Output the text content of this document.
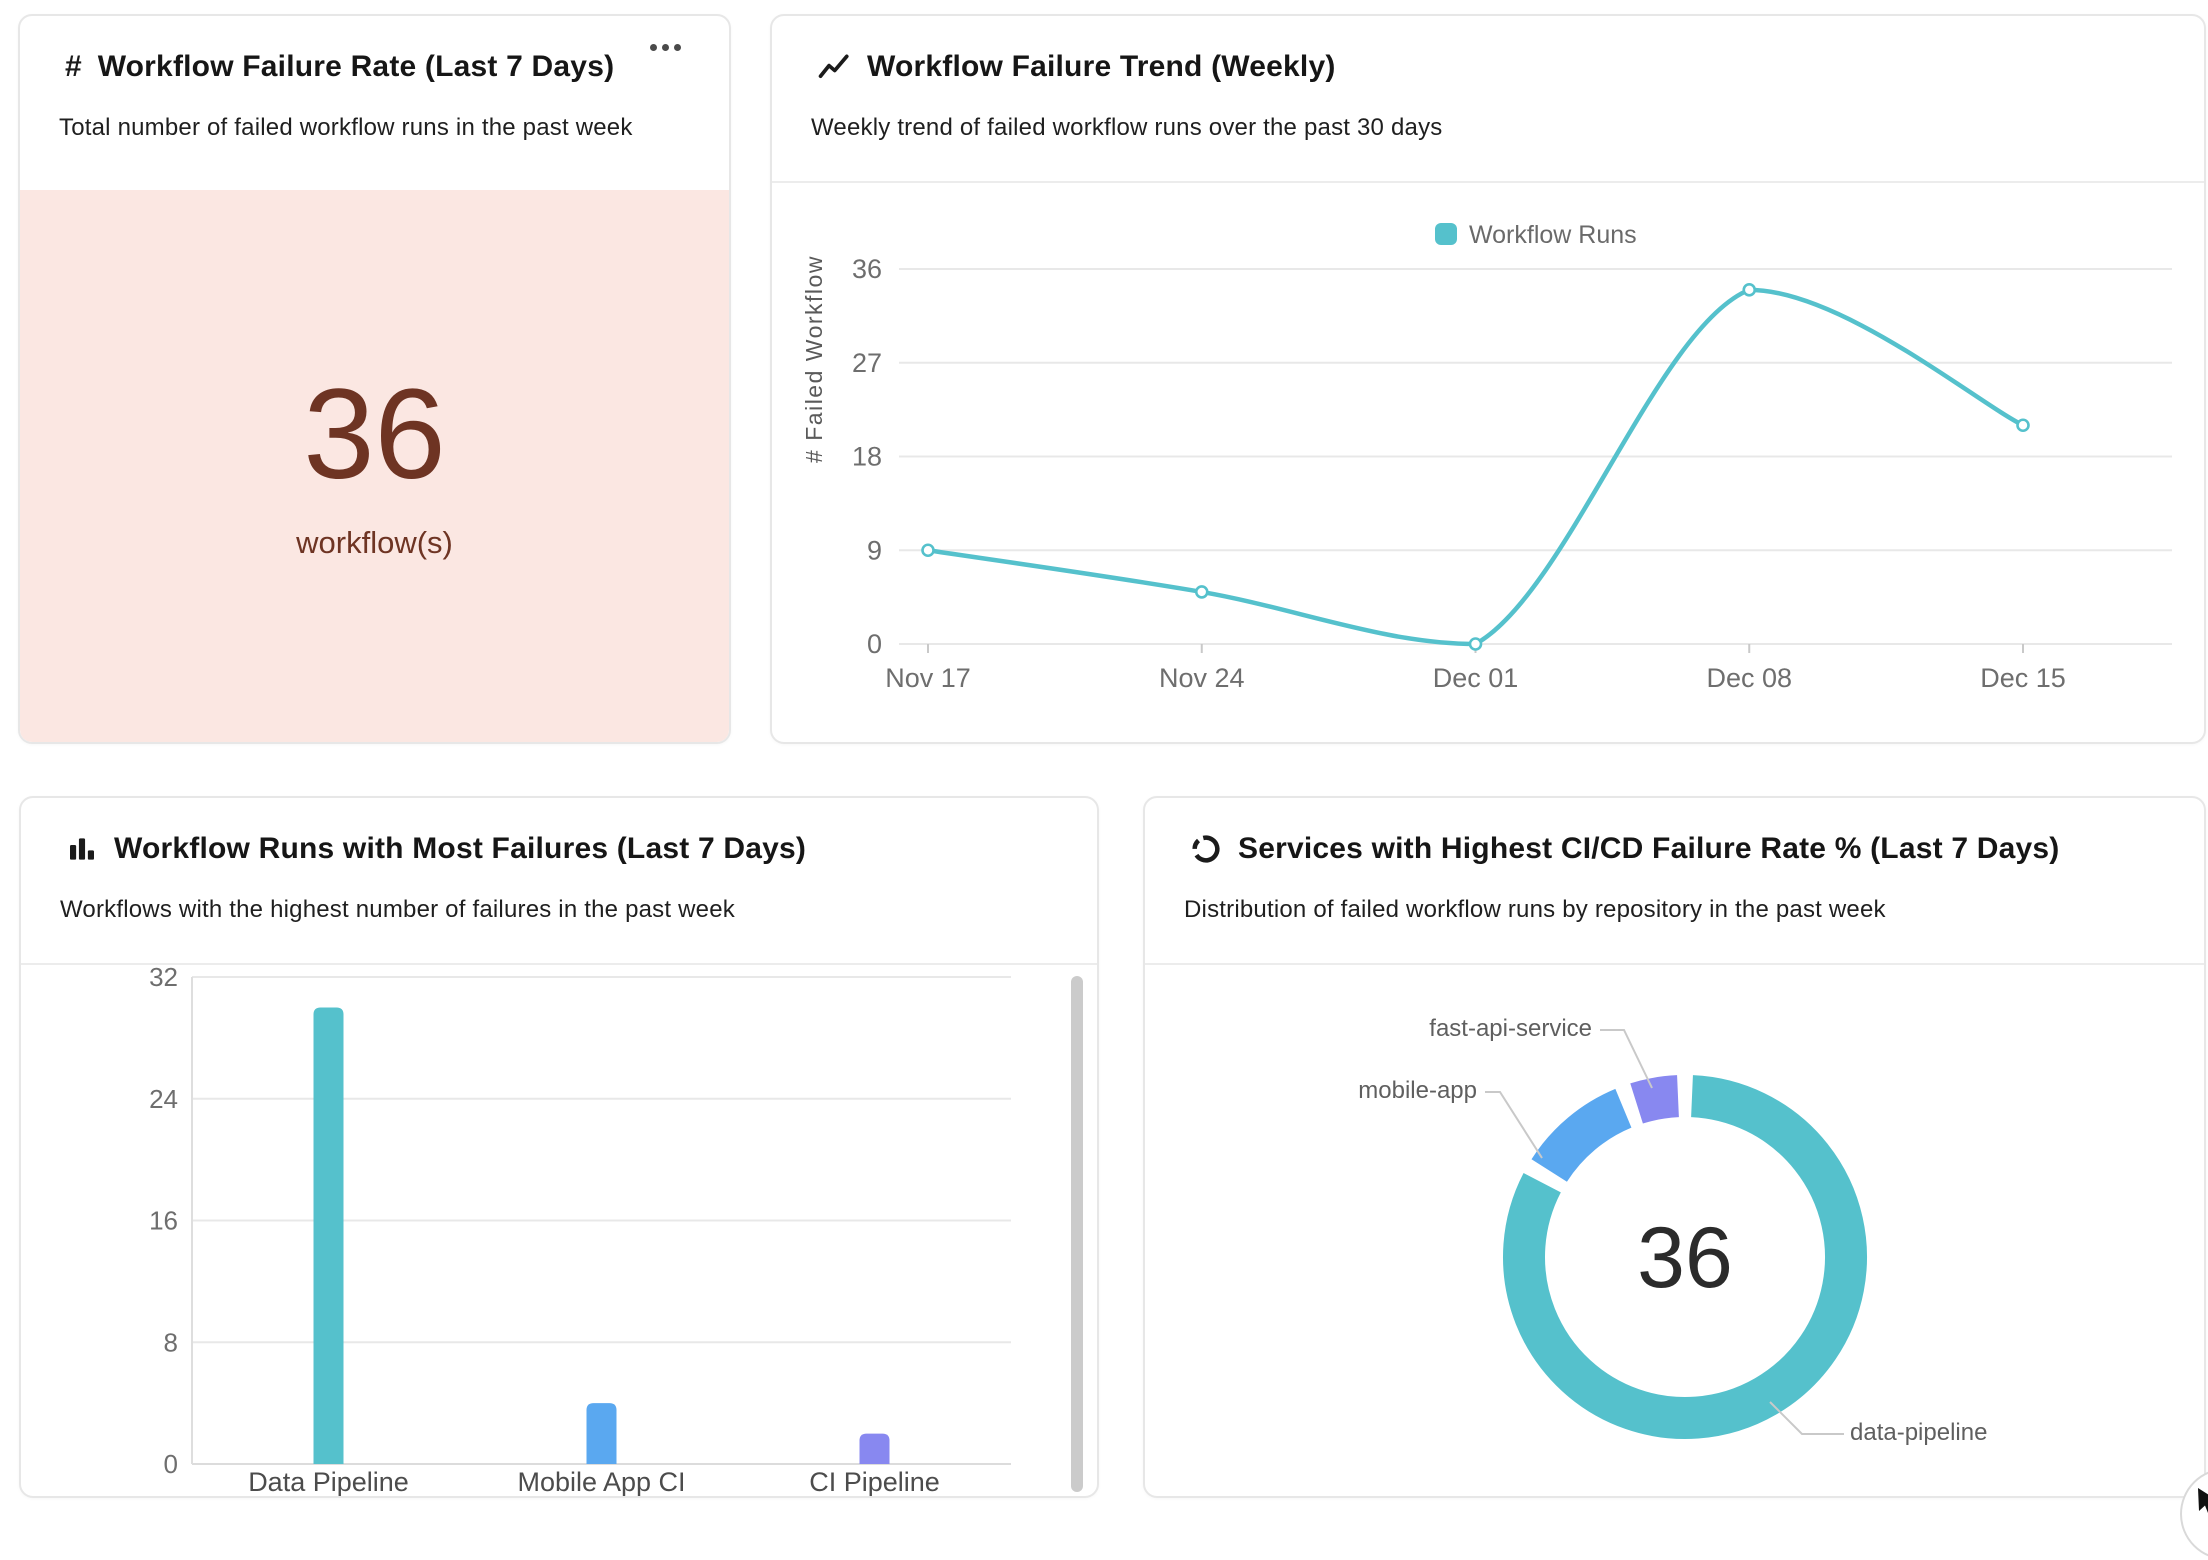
# Workflow Failure Rate (Last 7 Days)

Total number of failed workflow runs in the past week

36
workflow(s)
Workflow Failure Trend (Weekly)

Weekly trend of failed workflow runs over the past 30 days

0
9
18
27
36
# Failed Workflow
Nov 17	Nov 24	Dec 01	Dec 08	Dec 15
Workflow Runs
Workflow Runs with Most Failures (Last 7 Days)

Workflows with the highest number of failures in the past week

0
8
16
24
32
Data Pipeline	Mobile App CI	CI Pipeline
Services with Highest CI/CD Failure Rate % (Last 7 Days)

Distribution of failed workflow runs by repository in the past week

36
data-pipeline
mobile-app
fast-api-service
